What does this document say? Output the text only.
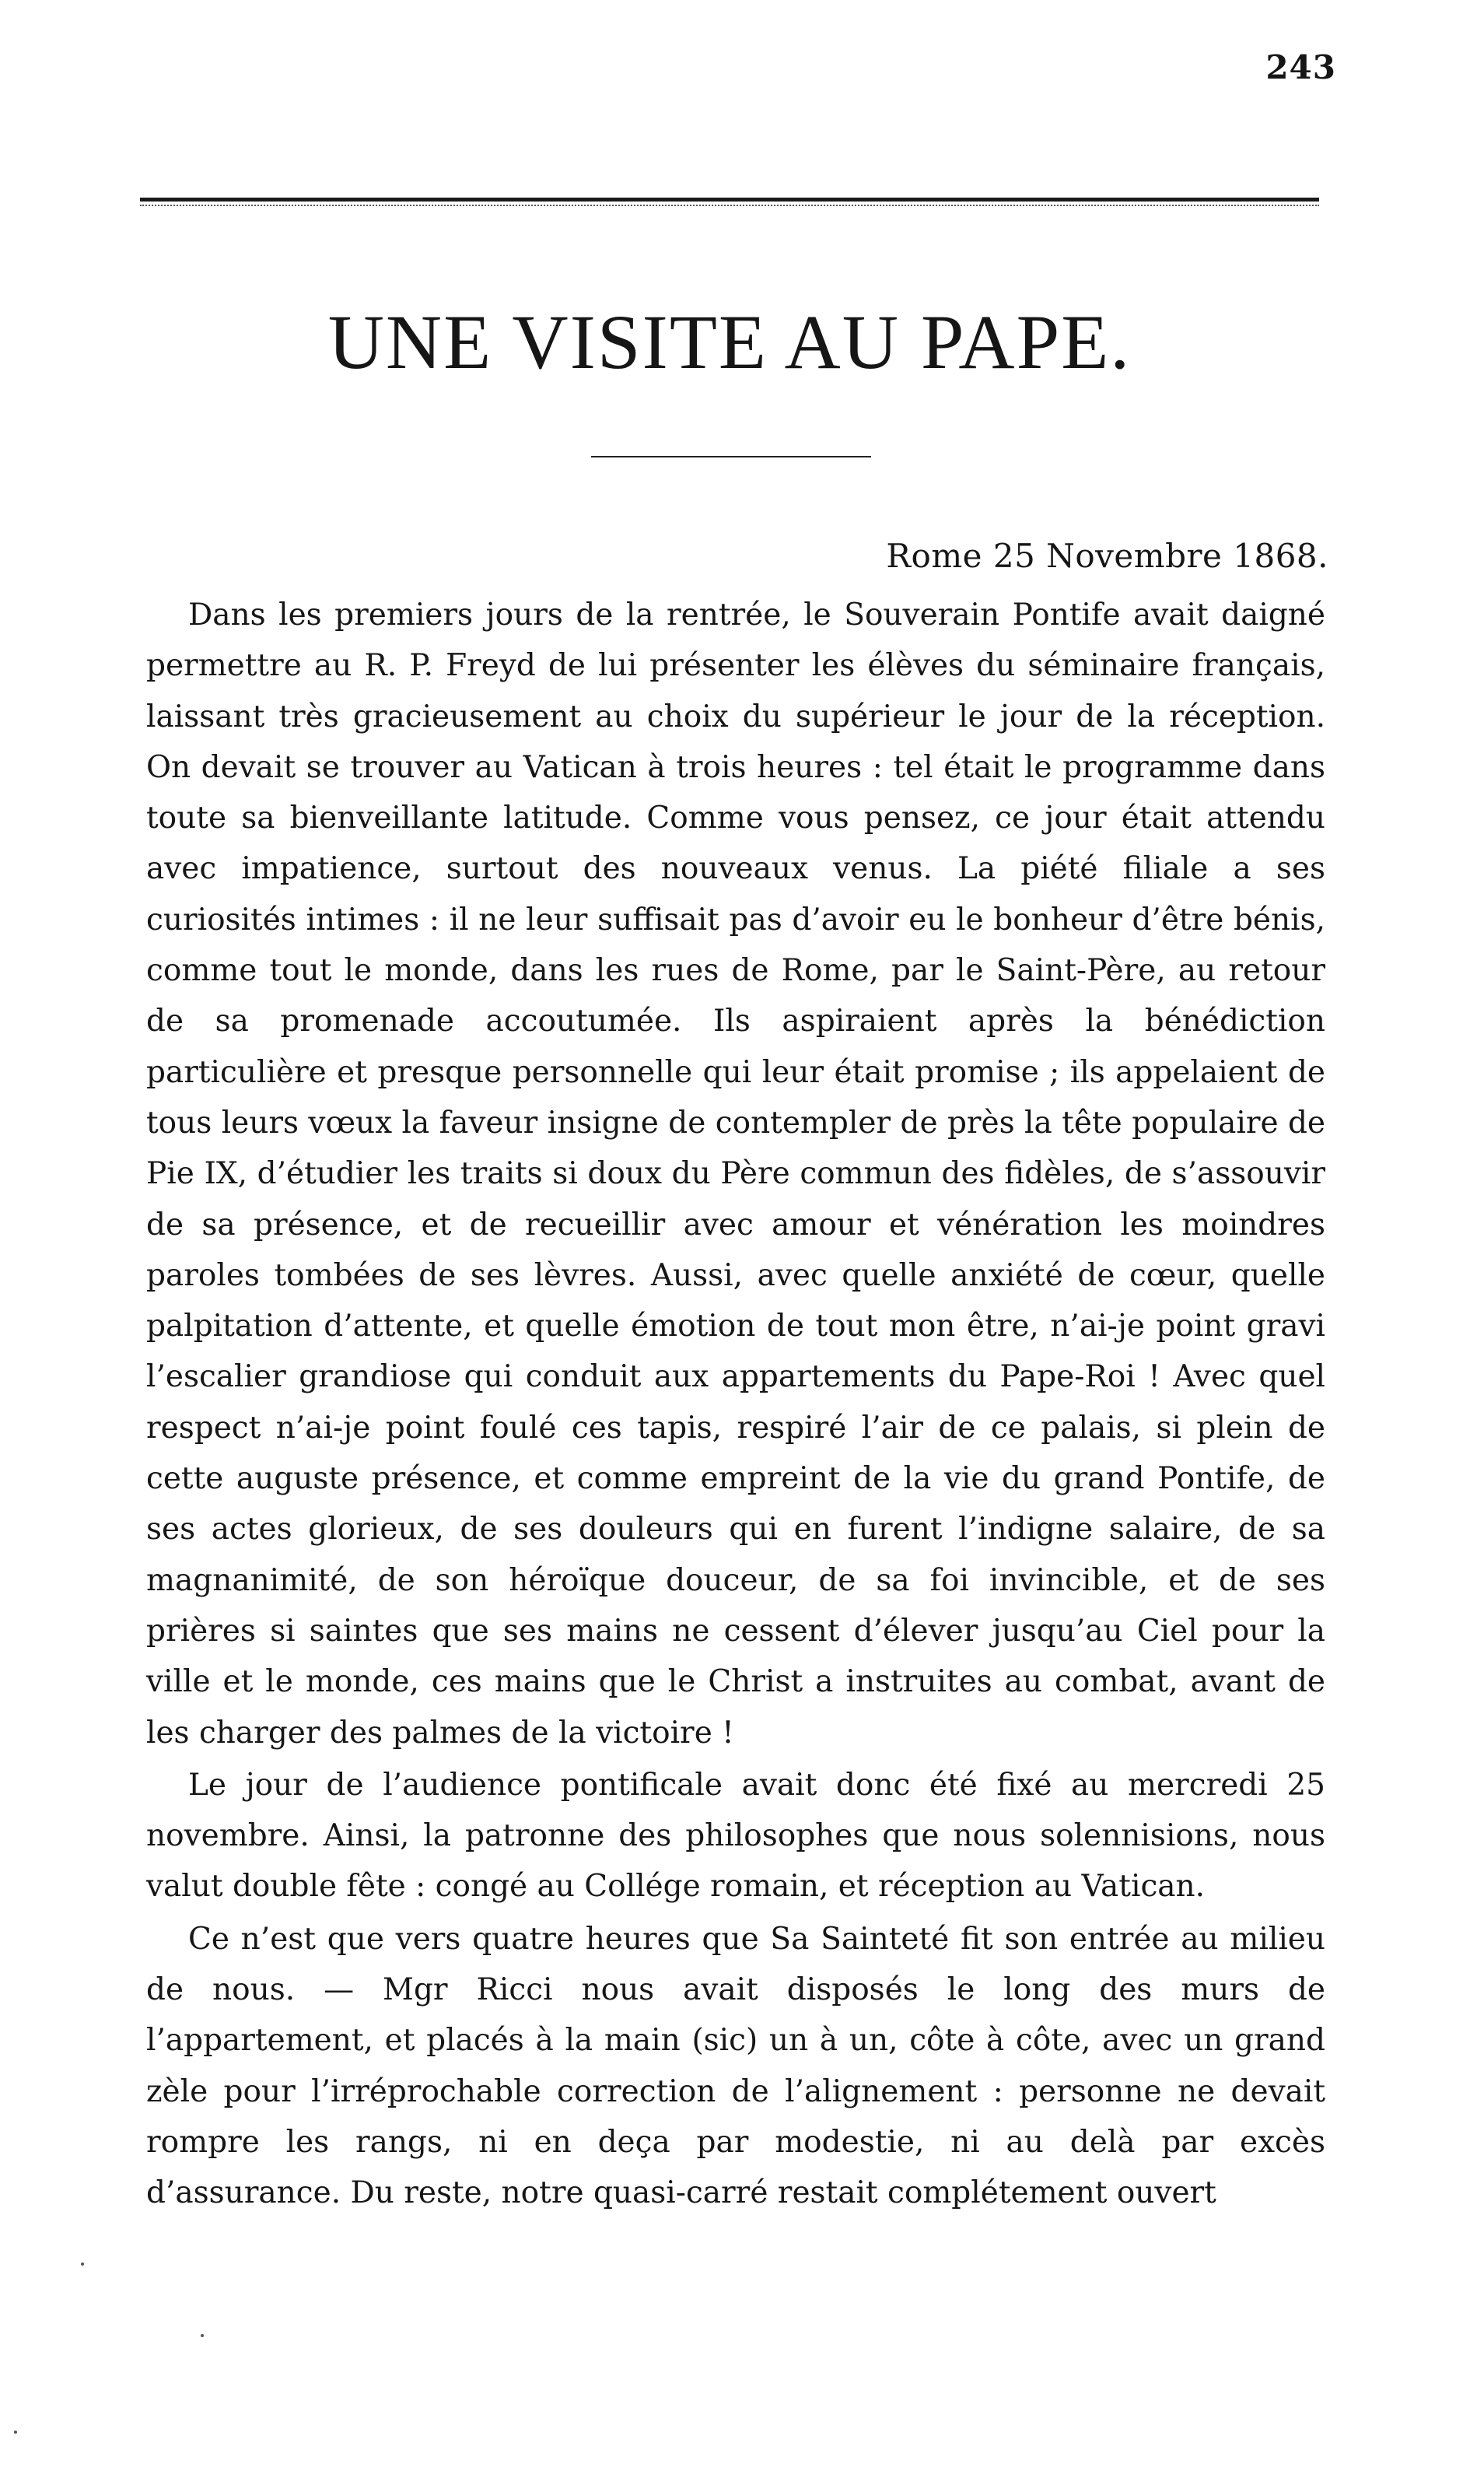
243
UNE VISITE AU PAPE.
Rome 25 Novembre 1868.

Dans les premiers jours de la rentrée, le Souverain Pontife avait daigné permettre au R. P. Freyd de lui présenter les élèves du séminaire français, laissant très gracieusement au choix du supérieur le jour de la réception. On devait se trouver au Vatican à trois heures : tel était le programme dans toute sa bienveillante latitude. Comme vous pensez, ce jour était attendu avec impatience, surtout des nouveaux venus. La piété filiale a ses curiosités intimes : il ne leur suffisait pas d’avoir eu le bonheur d’être bénis, comme tout le monde, dans les rues de Rome, par le Saint-Père, au retour de sa promenade accoutumée. Ils aspiraient après la bénédiction particulière et presque personnelle qui leur était promise ; ils appelaient de tous leurs vœux la faveur insigne de contempler de près la tête populaire de Pie IX, d’étudier les traits si doux du Père commun des fidèles, de s’assouvir de sa présence, et de recueillir avec amour et vénération les moindres paroles tombées de ses lèvres. Aussi, avec quelle anxiété de cœur, quelle palpitation d’attente, et quelle émotion de tout mon être, n’ai-je point gravi l’escalier grandiose qui conduit aux appartements du Pape-Roi ! Avec quel respect n’ai-je point foulé ces tapis, respiré l’air de ce palais, si plein de cette auguste présence, et comme empreint de la vie du grand Pontife, de ses actes glorieux, de ses douleurs qui en furent l’indigne salaire, de sa magnanimité, de son héroïque douceur, de sa foi invincible, et de ses prières si saintes que ses mains ne cessent d’élever jusqu’au Ciel pour la ville et le monde, ces mains que le Christ a instruites au combat, avant de les charger des palmes de la victoire !

Le jour de l’audience pontificale avait donc été fixé au mercredi 25 novembre. Ainsi, la patronne des philosophes que nous solennisions, nous valut double fête : congé au Collége romain, et réception au Vatican.

Ce n’est que vers quatre heures que Sa Sainteté fit son entrée au milieu de nous. — Mgr Ricci nous avait disposés le long des murs de l’appartement, et placés à la main (sic) un à un, côte à côte, avec un grand zèle pour l’irréprochable correction de l’alignement : personne ne devait rompre les rangs, ni en deça par modestie, ni au delà par excès d’assurance. Du reste, notre quasi-carré restait complétement ouvert
